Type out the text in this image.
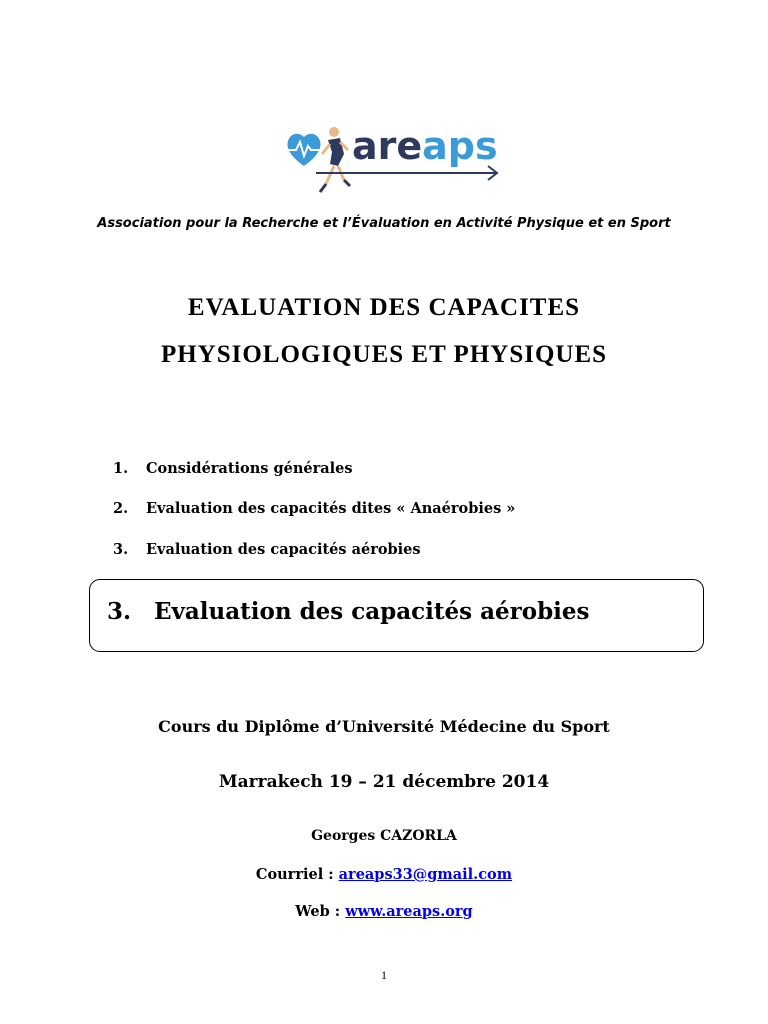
areaps
Association pour la Recherche et l’Évaluation en Activité Physique et en Sport
EVALUATION DES CAPACITES
PHYSIOLOGIQUES ET PHYSIQUES
1. Considérations générales
2. Evaluation des capacités dites « Anaérobies »
3. Evaluation des capacités aérobies
3. Evaluation des capacités aérobies
Cours du Diplôme d’Université Médecine du Sport
Marrakech 19 – 21 décembre 2014
Georges CAZORLA
Courriel : areaps33@gmail.com
Web : www.areaps.org
1
